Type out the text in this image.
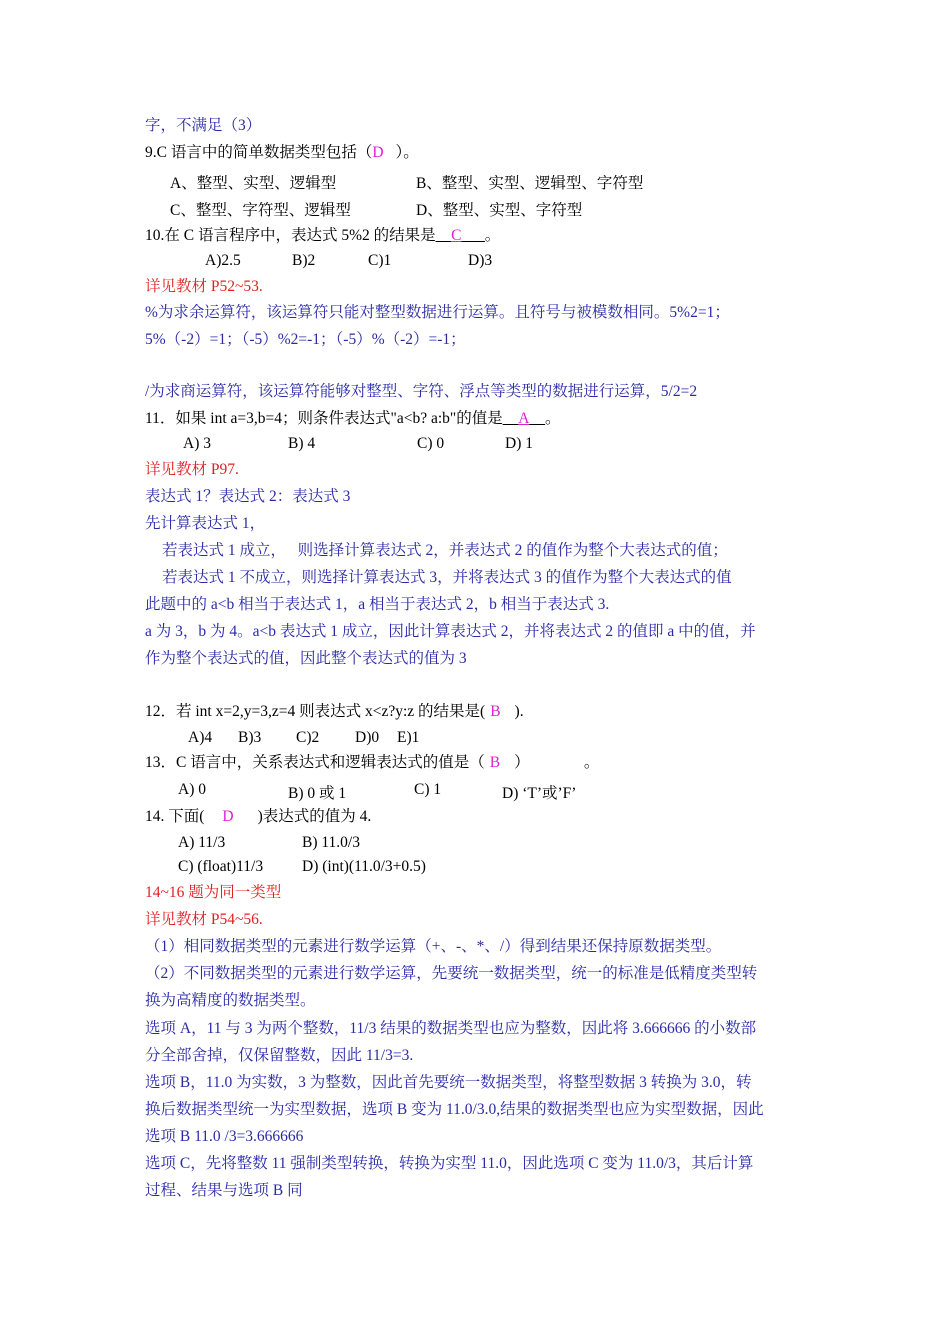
字，不满足（3）
9.C 语言中的简单数据类型包括（D ）。
A、整型、实型、逻辑型	B、整型、实型、逻辑型、字符型
C、整型、字符型、逻辑型	D、整型、实型、字符型
10.在 C 语言程序中，表达式 5%2 的结果是__C___。
A)2.5	B)2	C)1	D)3
详见教材 P52~53.
%为求余运算符，该运算符只能对整型数据进行运算。且符号与被模数相同。5%2=1；
5%（-2）=1；（-5）%2=-1；（-5）%（-2）=-1；
/为求商运算符，该运算符能够对整型、字符、浮点等类型的数据进行运算，5/2=2
11．如果 int a=3,b=4；则条件表达式"a<b? a:b"的值是__A__。
A) 3	B) 4	C) 0	D) 1
详见教材 P97.
表达式 1？表达式 2：表达式 3
先计算表达式 1，
若表达式 1 成立，　 则选择计算表达式 2，并表达式 2 的值作为整个大表达式的值；
若表达式 1 不成立，则选择计算表达式 3，并将表达式 3 的值作为整个大表达式的值
此题中的 a<b 相当于表达式 1，a 相当于表达式 2，b 相当于表达式 3.
a 为 3，b 为 4。a<b 表达式 1 成立，因此计算表达式 2，并将表达式 2 的值即 a 中的值，并
作为整个表达式的值，因此整个表达式的值为 3
12．若 int x=2,y=3,z=4 则表达式 x<z?y:z 的结果是( B ).
A)4 B)3 C)2 D)0 E)1
13．C 语言中，关系表达式和逻辑表达式的值是（ B ）　　　　。
A) 0	B) 0 或 1	C) 1	D) ‘T’或’F’
14. 下面( D )表达式的值为 4.
A) 11/3	B) 11.0/3
C) (float)11/3	D) (int)(11.0/3+0.5)
14~16 题为同一类型
详见教材 P54~56.
（1）相同数据类型的元素进行数学运算（+、-、*、/）得到结果还保持原数据类型。
（2）不同数据类型的元素进行数学运算，先要统一数据类型，统一的标准是低精度类型转
换为高精度的数据类型。
选项 A，11 与 3 为两个整数，11/3 结果的数据类型也应为整数，因此将 3.666666 的小数部
分全部舍掉，仅保留整数，因此 11/3=3.
选项 B，11.0 为实数，3 为整数，因此首先要统一数据类型，将整型数据 3 转换为 3.0，转
换后数据类型统一为实型数据，选项 B 变为 11.0/3.0,结果的数据类型也应为实型数据，因此
选项 B 11.0 /3=3.666666
选项 C，先将整数 11 强制类型转换，转换为实型 11.0，因此选项 C 变为 11.0/3，其后计算
过程、结果与选项 B 同
